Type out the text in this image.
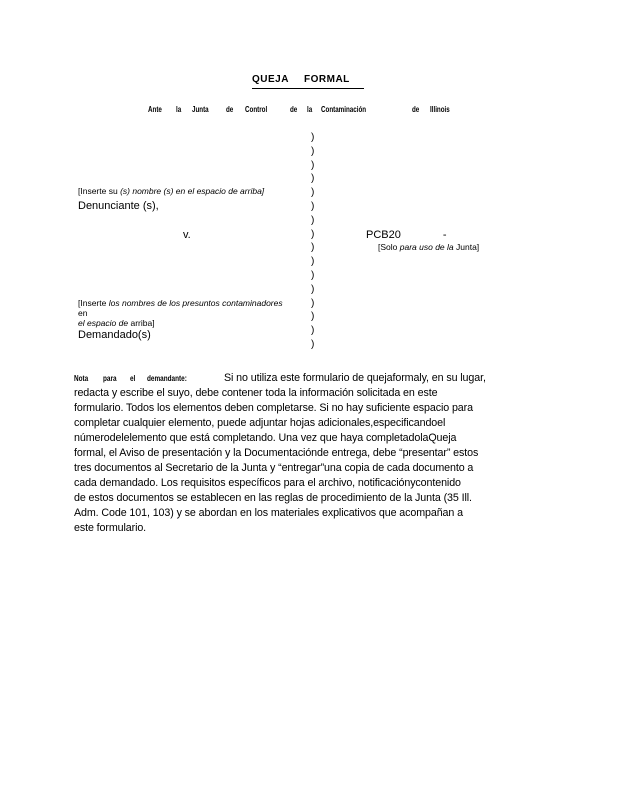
QUEJA FORMAL
Ante la Junta de Control	de la Contaminación	de Illinois
)
)
)
)
)
)
)
)
)
)
)
)
)
)
)
)
[Inserte su (s) nombre (s) en el espacio de arriba]
Denunciante (s),
v.	PCB20	-
[Solo para uso de la Junta]
[Inserte los nombres de los presuntos contaminadores
en
el espacio de arriba]
Demandado(s)
Nota para el demandante:	Si no utiliza este formulario de quejaformaly, en su lugar,
redacta y escribe el suyo, debe contener toda la información solicitada en este
formulario. Todos los elementos deben completarse. Si no hay suficiente espacio para
completar cualquier elemento, puede adjuntar hojas adicionales,especificandoel
númerodelelemento que está completando. Una vez que haya completadolaQueja
formal, el Aviso de presentación y la Documentacióndе entrega, debe “presentar” estos
tres documentos al Secretario de la Junta y “entregar”una copia de cada documento a
cada demandado. Los requisitos específicos para el archivo, notificaciónycontenido
de estos documentos se establecen en las reglas de procedimiento de la Junta (35 Ill.
Adm. Code 101, 103) y se abordan en los materiales explicativos que acompañan a
este formulario.
